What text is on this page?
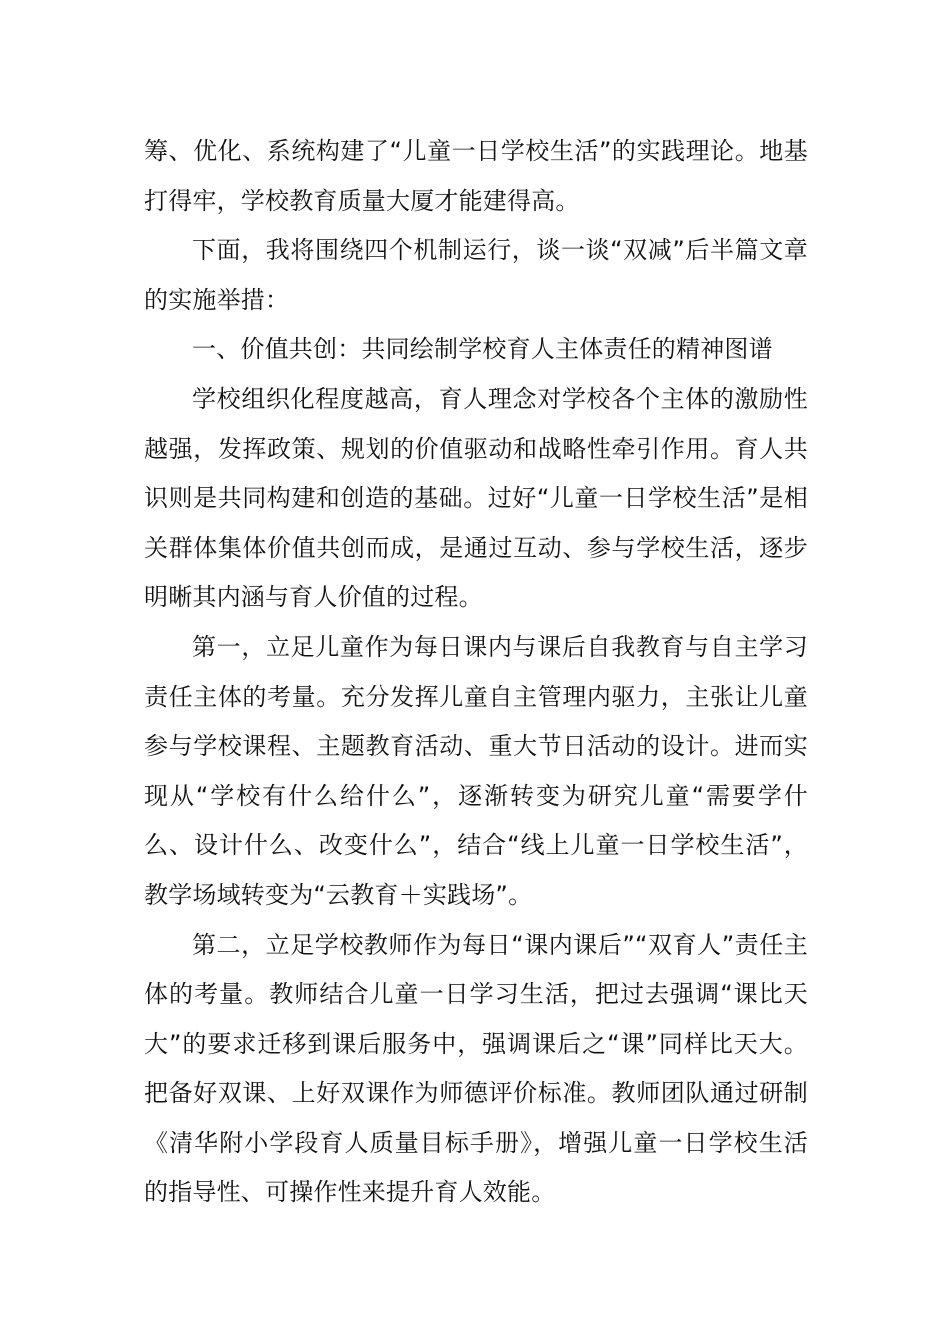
筹、优化、系统构建了“儿童一日学校生活”的实践理论。地基打得牢，学校教育质量大厦才能建得高。

下面，我将围绕四个机制运行，谈一谈“双减”后半篇文章的实施举措：

一、价值共创：共同绘制学校育人主体责任的精神图谱

学校组织化程度越高，育人理念对学校各个主体的激励性越强，发挥政策、规划的价值驱动和战略性牵引作用。育人共识则是共同构建和创造的基础。过好“儿童一日学校生活”是相关群体集体价值共创而成，是通过互动、参与学校生活，逐步明晰其内涵与育人价值的过程。

第一，立足儿童作为每日课内与课后自我教育与自主学习责任主体的考量。充分发挥儿童自主管理内驱力，主张让儿童参与学校课程、主题教育活动、重大节日活动的设计。进而实现从“学校有什么给什么”，逐渐转变为研究儿童“需要学什么、设计什么、改变什么”，结合“线上儿童一日学校生活”，教学场域转变为“云教育＋实践场”。

第二，立足学校教师作为每日“课内课后”“双育人”责任主体的考量。教师结合儿童一日学习生活，把过去强调“课比天大”的要求迁移到课后服务中，强调课后之“课”同样比天大。把备好双课、上好双课作为师德评价标准。教师团队通过研制《清华附小学段育人质量目标手册》，增强儿童一日学校生活的指导性、可操作性来提升育人效能。
